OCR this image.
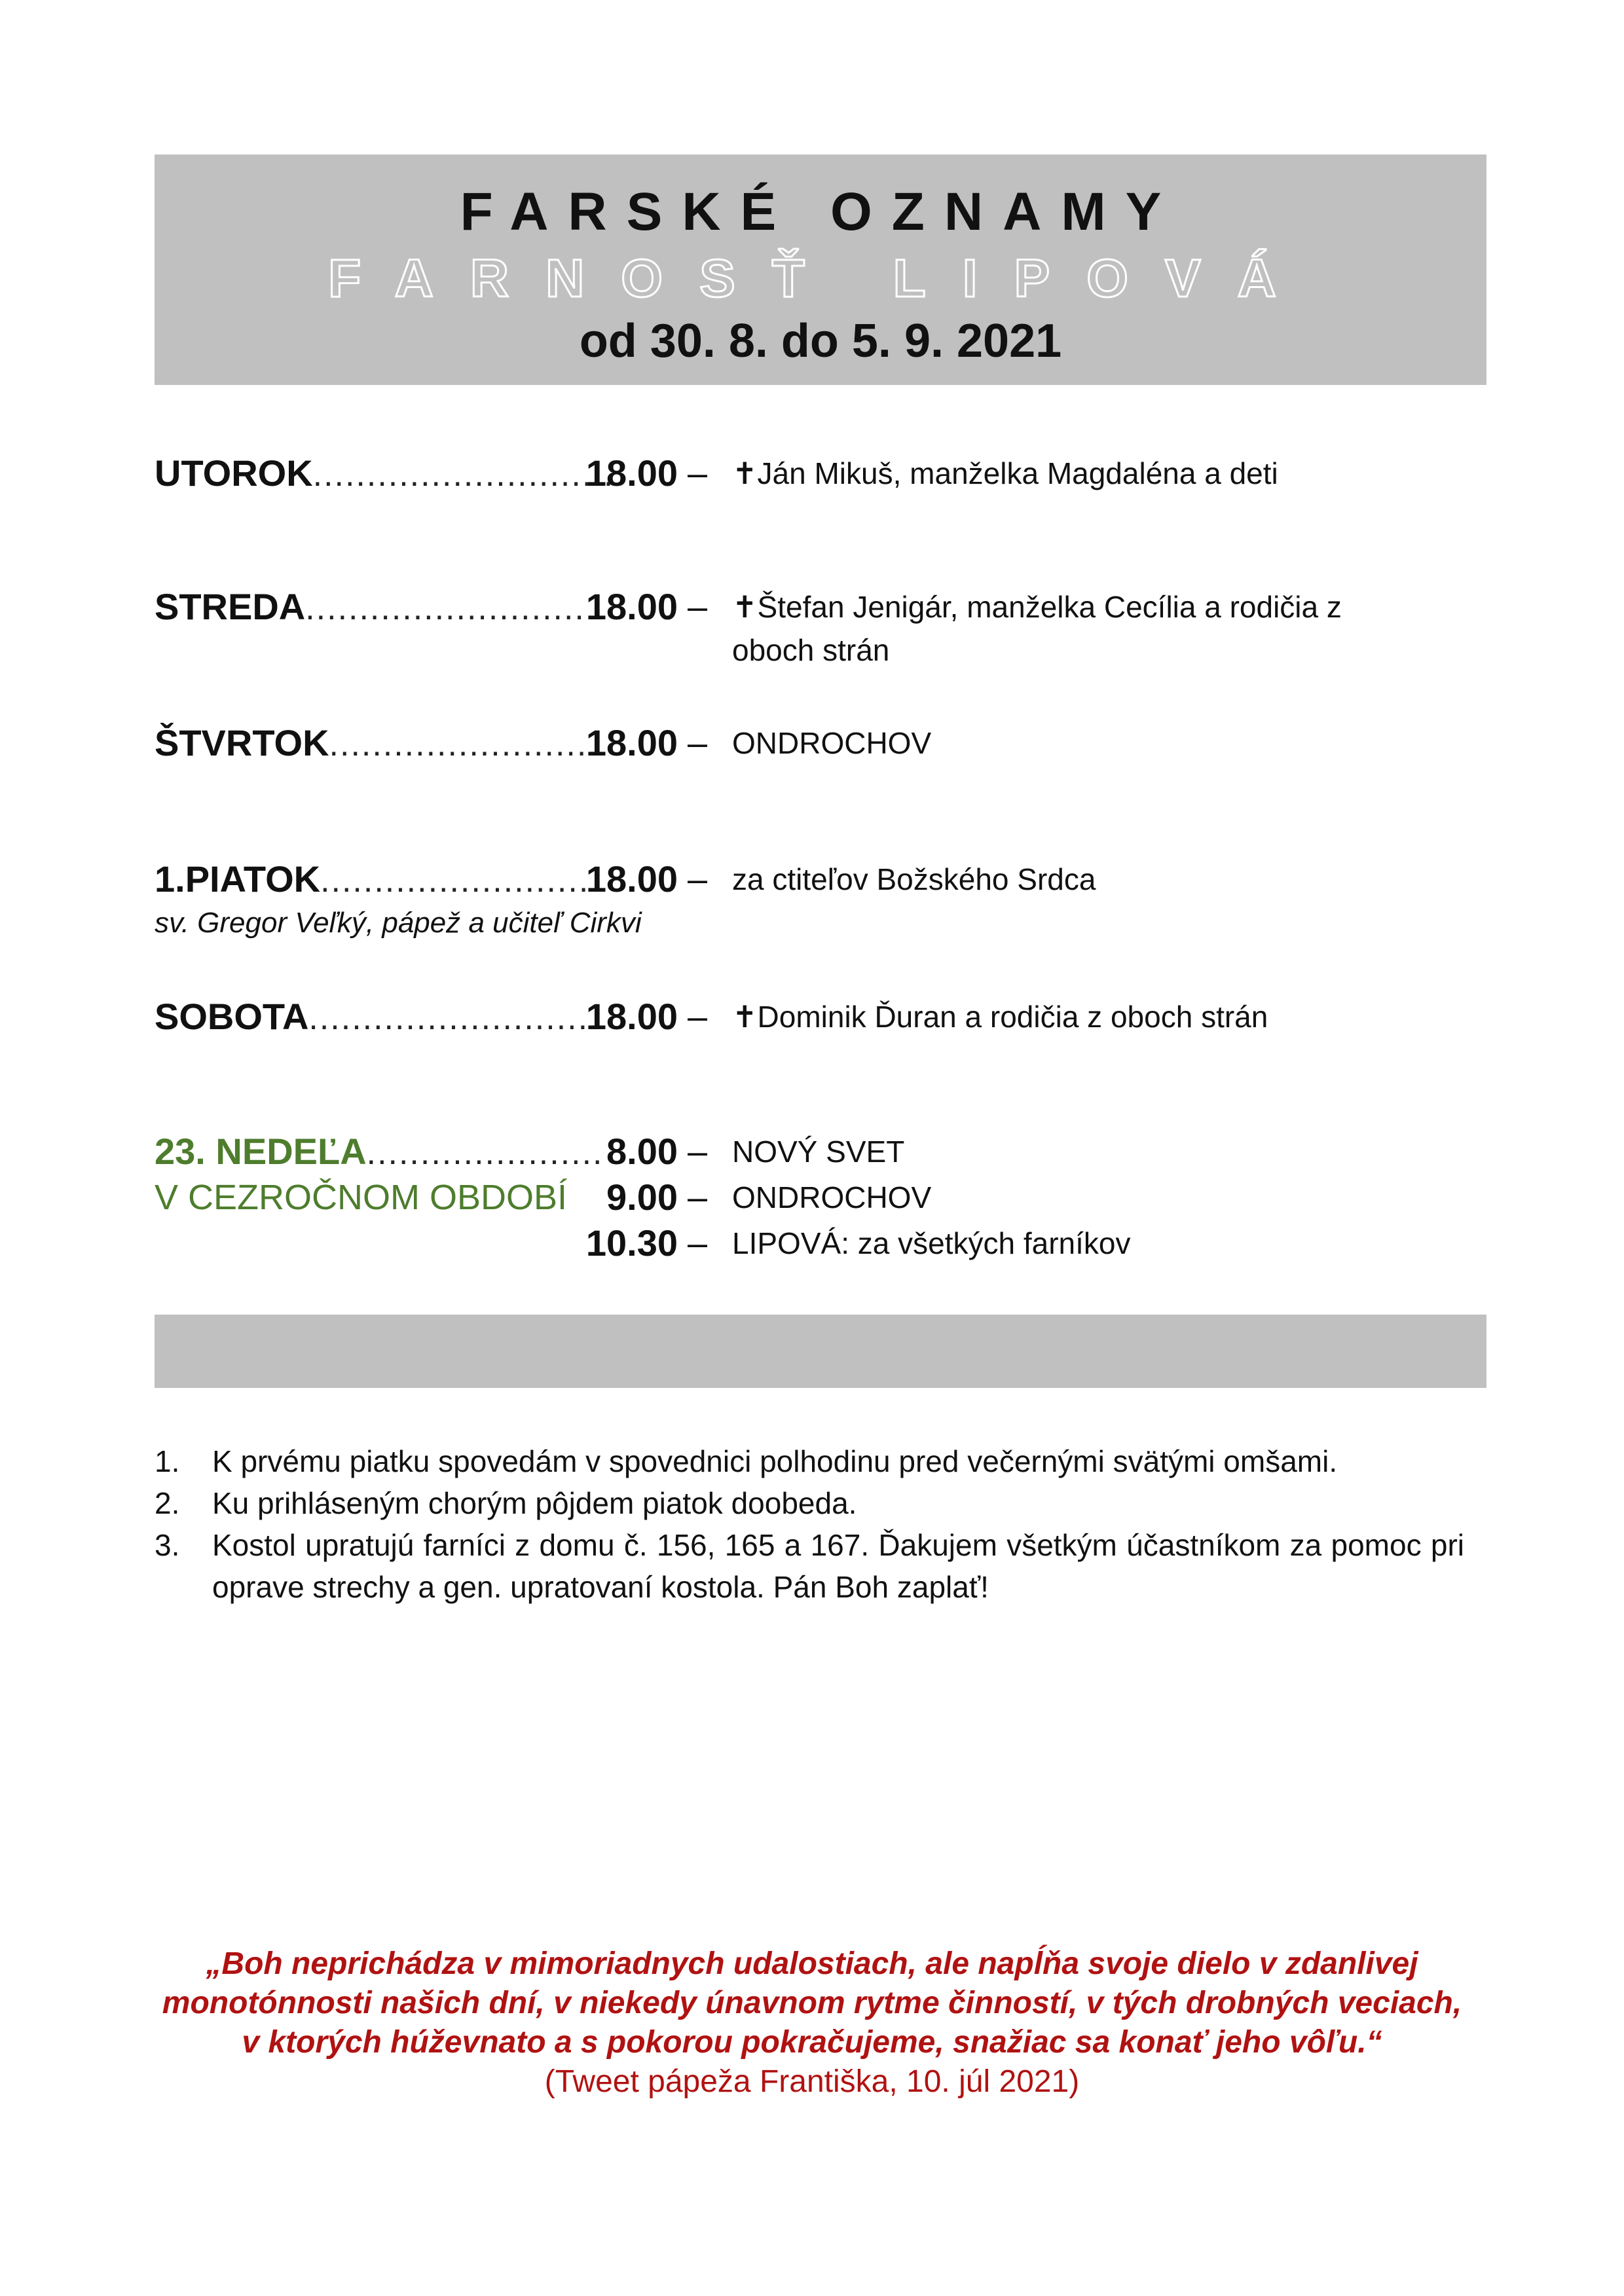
FARSKÉ OZNAMY
FARNOSŤ LIPOVÁ
od 30. 8. do 5. 9. 2021
UTOROK............................
18.00 – ✝Ján Mikuš, manželka Magdaléna a deti
STREDA...........................
18.00 – ✝Štefan Jenigár, manželka Cecília a rodičia z oboch strán
ŠTVRTOK.........................
18.00 – ONDROCHOV
1.PIATOK.........................
18.00 – za ctiteľov Božského Srdca
sv. Gregor Veľký, pápež a učiteľ Cirkvi
SOBOTA...........................
18.00 – ✝Dominik Ďuran a rodičia z oboch strán
23. NEDEĽA......................
V CEZROČNOM OBDOBÍ
8.00 – NOVÝ SVET
9.00 – ONDROCHOV
10.30 – LIPOVÁ: za všetkých farníkov
1. K prvému piatku spovedám v spovednici polhodinu pred večernými svätými omšami.
2. Ku prihláseným chorým pôjdem piatok doobeda.
3. Kostol upratujú farníci z domu č. 156, 165 a 167. Ďakujem všetkým účastníkom za pomoc pri oprave strechy a gen. upratovaní kostola. Pán Boh zaplať!
„Boh neprichádza v mimoriadnych udalostiach, ale napĺňa svoje dielo v zdanlivej
monotónnosti našich dní, v niekedy únavnom rytme činností, v tých drobných veciach,
v ktorých húževnato a s pokorou pokračujeme, snažiac sa konať jeho vôľu.“
(Tweet pápeža Františka, 10. júl 2021)
